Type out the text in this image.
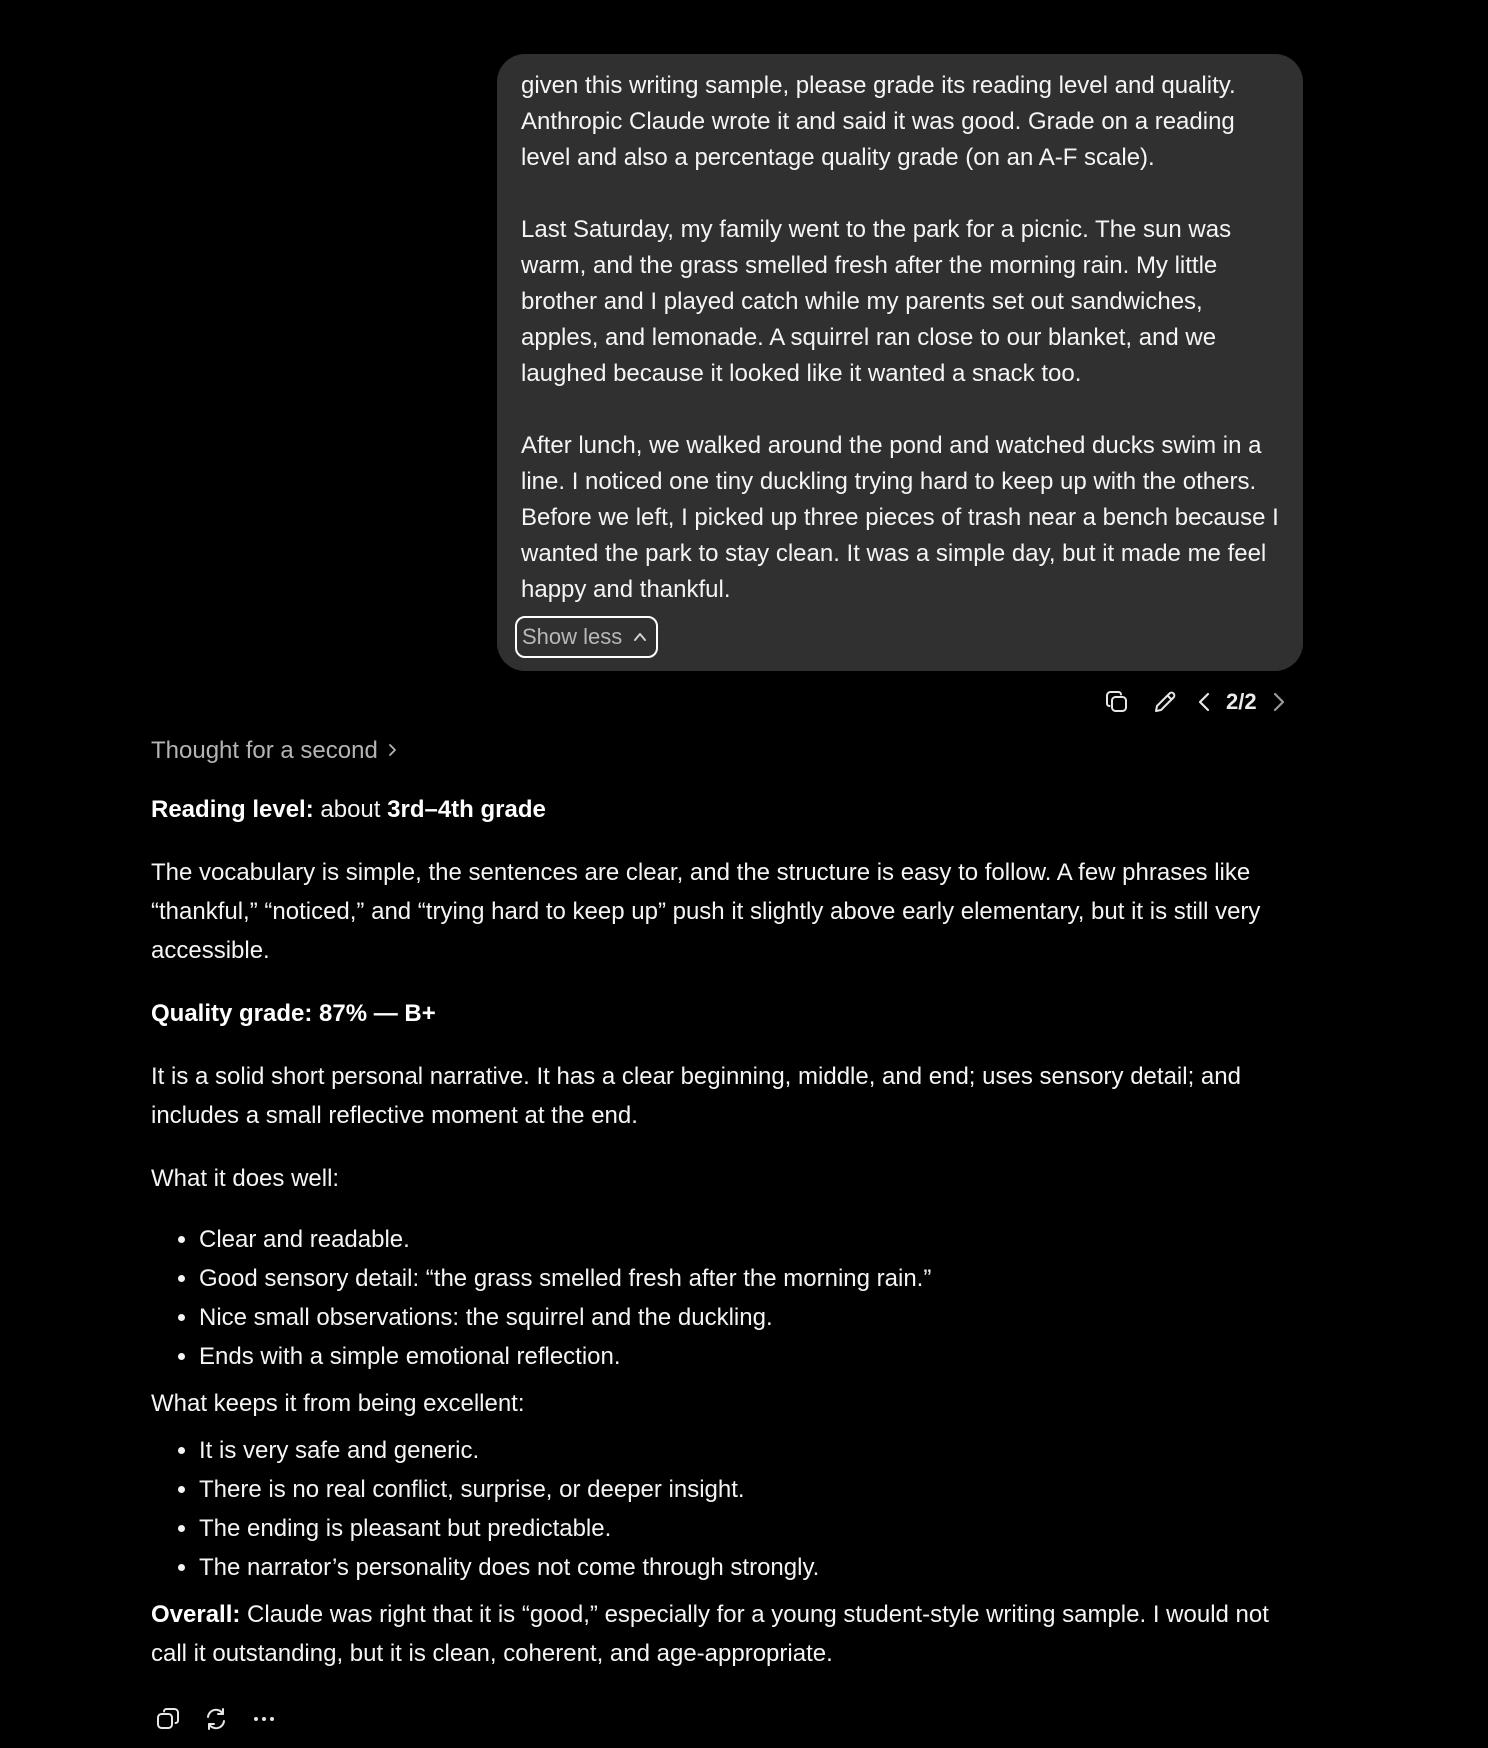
given this writing sample, please grade its reading level and quality. Anthropic Claude wrote it and said it was good. Grade on a reading level and also a percentage quality grade (on an A-F scale).

Last Saturday, my family went to the park for a picnic. The sun was warm, and the grass smelled fresh after the morning rain. My little brother and I played catch while my parents set out sandwiches, apples, and lemonade. A squirrel ran close to our blanket, and we laughed because it looked like it wanted a snack too.

After lunch, we walked around the pond and watched ducks swim in a line. I noticed one tiny duckling trying hard to keep up with the others. Before we left, I picked up three pieces of trash near a bench because I wanted the park to stay clean. It was a simple day, but it made me feel happy and thankful.

Show less
2/2
Thought for a second

Reading level: about 3rd–4th grade

The vocabulary is simple, the sentences are clear, and the structure is easy to follow. A few phrases like “thankful,” “noticed,” and “trying hard to keep up” push it slightly above early elementary, but it is still very accessible.

Quality grade: 87% — B+

It is a solid short personal narrative. It has a clear beginning, middle, and end; uses sensory detail; and includes a small reflective moment at the end.

What it does well:

• Clear and readable.
• Good sensory detail: “the grass smelled fresh after the morning rain.”
• Nice small observations: the squirrel and the duckling.
• Ends with a simple emotional reflection.

What keeps it from being excellent:

• It is very safe and generic.
• There is no real conflict, surprise, or deeper insight.
• The ending is pleasant but predictable.
• The narrator’s personality does not come through strongly.

Overall: Claude was right that it is “good,” especially for a young student-style writing sample. I would not call it outstanding, but it is clean, coherent, and age-appropriate.
